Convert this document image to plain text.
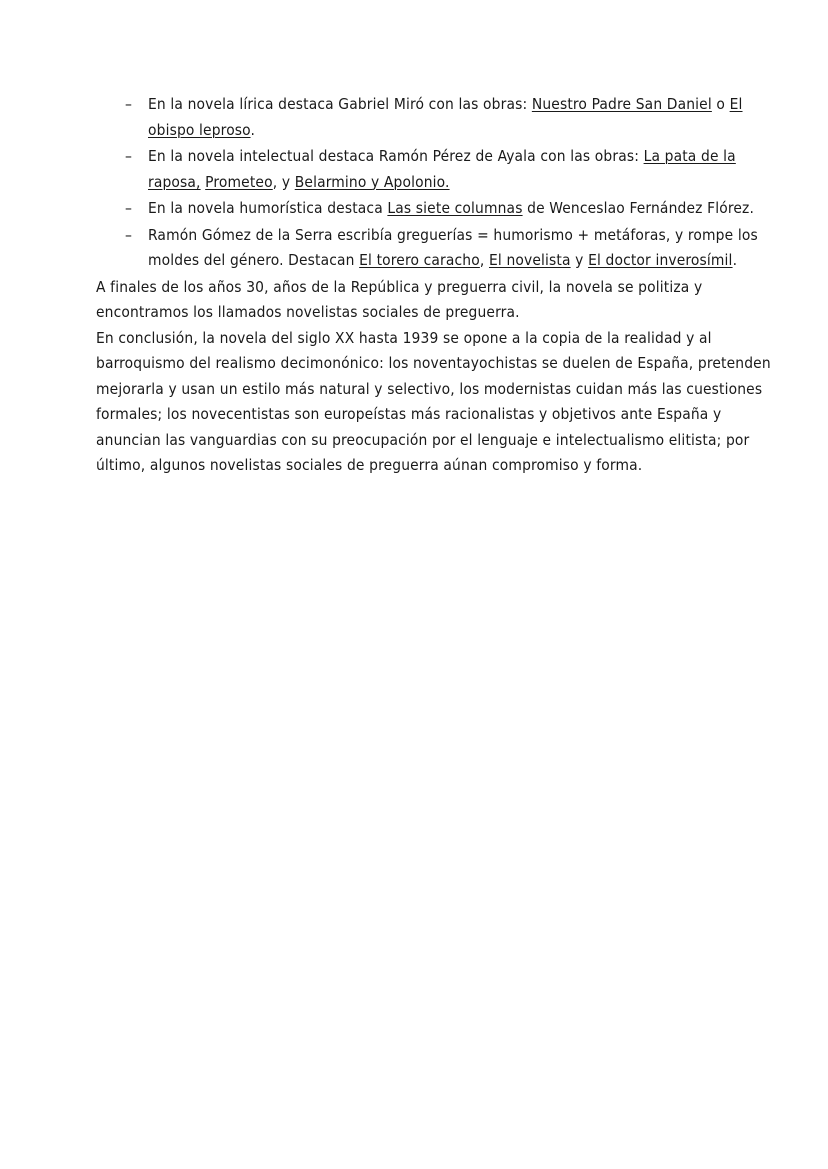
– En la novela lírica destaca Gabriel Miró con las obras: Nuestro Padre San Daniel o El obispo leproso.
– En la novela intelectual destaca Ramón Pérez de Ayala con las obras: La pata de la raposa, Prometeo, y Belarmino y Apolonio.
– En la novela humorística destaca Las siete columnas de Wenceslao Fernández Flórez.
– Ramón Gómez de la Serra escribía greguerías = humorismo + metáforas, y rompe los moldes del género. Destacan El torero caracho, El novelista y El doctor inverosímil.

A finales de los años 30, años de la República y preguerra civil, la novela se politiza y encontramos los llamados novelistas sociales de preguerra.

En conclusión, la novela del siglo XX hasta 1939 se opone a la copia de la realidad y al barroquismo del realismo decimonónico: los noventayochistas se duelen de España, pretenden mejorarla y usan un estilo más natural y selectivo, los modernistas cuidan más las cuestiones formales; los novecentistas son europeístas más racionalistas y objetivos ante España y anuncian las vanguardias con su preocupación por el lenguaje e intelectualismo elitista; por último, algunos novelistas sociales de preguerra aúnan compromiso y forma.
